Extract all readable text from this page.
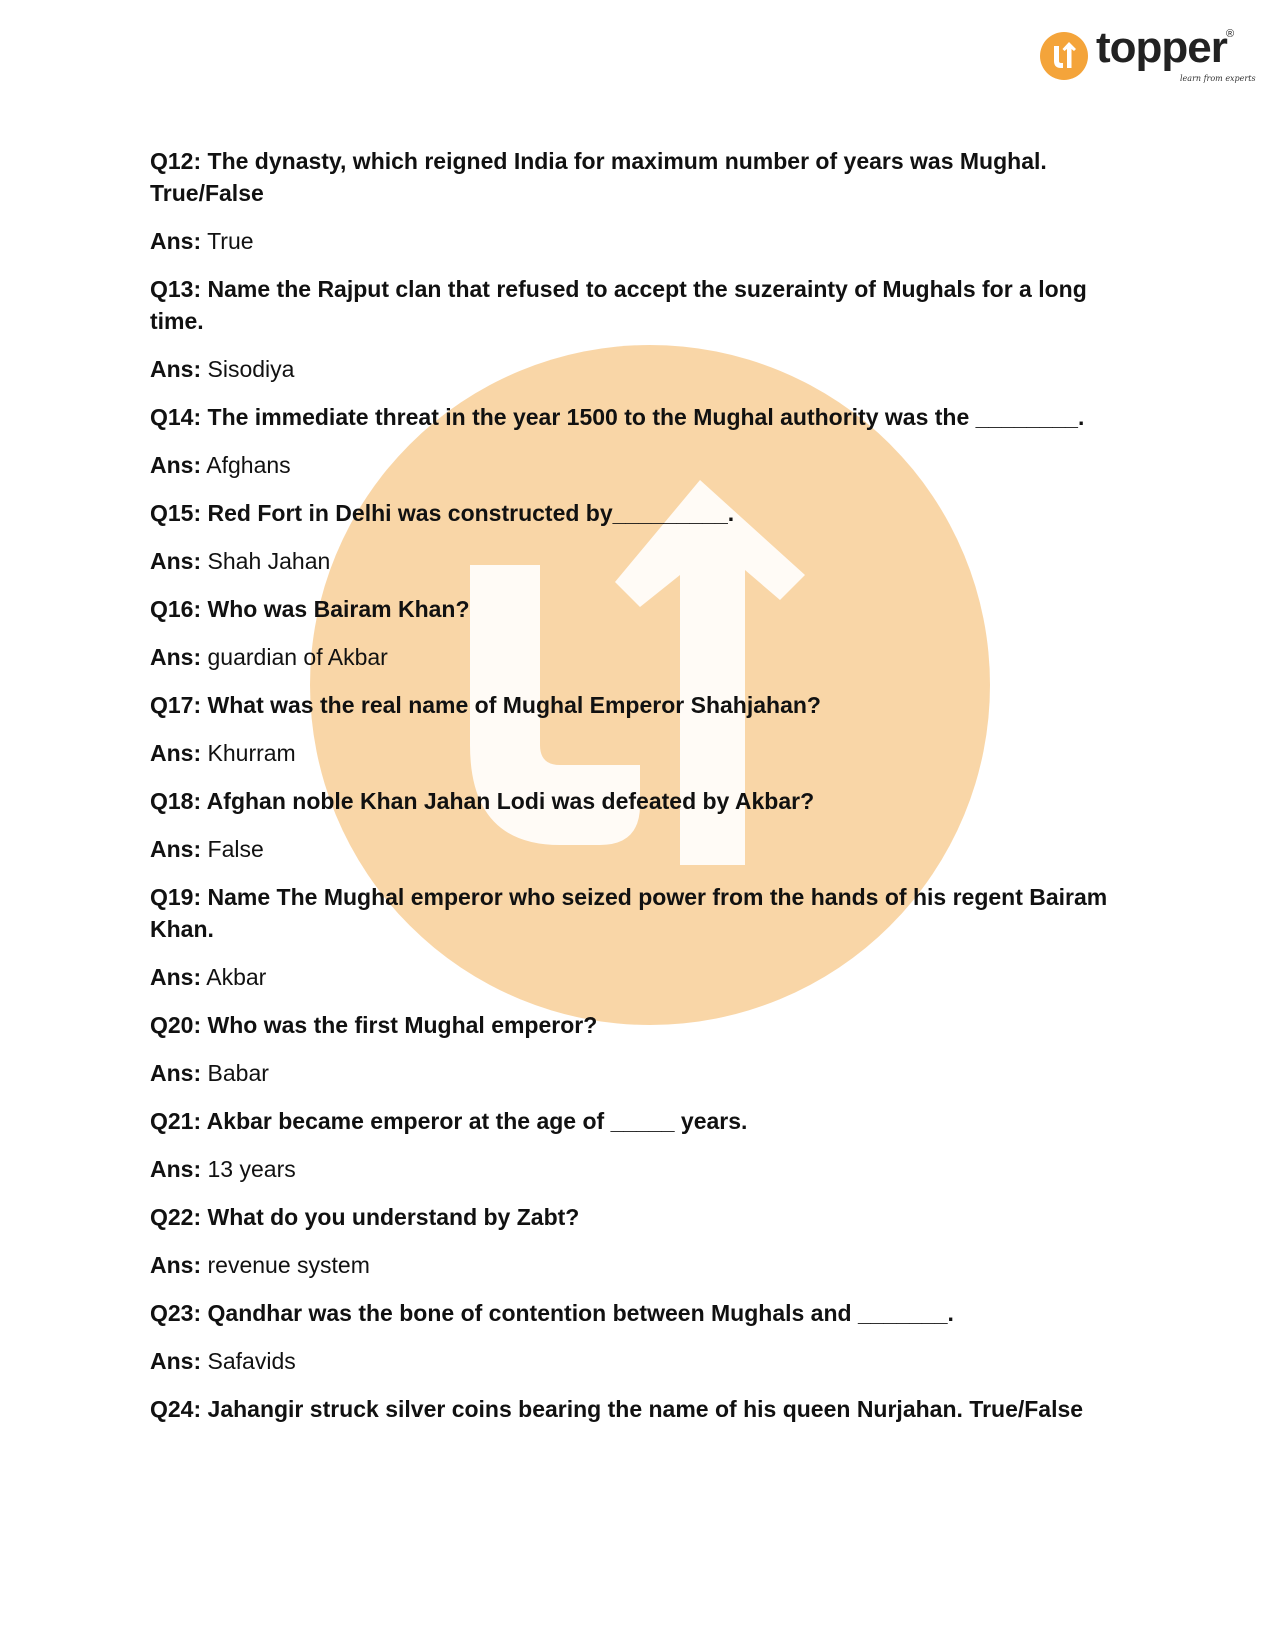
topper ®
learn from experts
Q12: The dynasty, which reigned India for maximum number of years was Mughal. True/False
Ans: True
Q13: Name the Rajput clan that refused to accept the suzerainty of Mughals for a long time.
Ans: Sisodiya
Q14: The immediate threat in the year 1500 to the Mughal authority was the ________.
Ans: Afghans
Q15: Red Fort in Delhi was constructed by_________.
Ans: Shah Jahan
Q16: Who was Bairam Khan?
Ans: guardian of Akbar
Q17: What was the real name of Mughal Emperor Shahjahan?
Ans: Khurram
Q18: Afghan noble Khan Jahan Lodi was defeated by Akbar?
Ans: False
Q19: Name The Mughal emperor who seized power from the hands of his regent Bairam Khan.
Ans: Akbar
Q20: Who was the first Mughal emperor?
Ans: Babar
Q21: Akbar became emperor at the age of _____ years.
Ans: 13 years
Q22: What do you understand by Zabt?
Ans: revenue system
Q23: Qandhar was the bone of contention between Mughals and _______.
Ans: Safavids
Q24: Jahangir struck silver coins bearing the name of his queen Nurjahan. True/False
